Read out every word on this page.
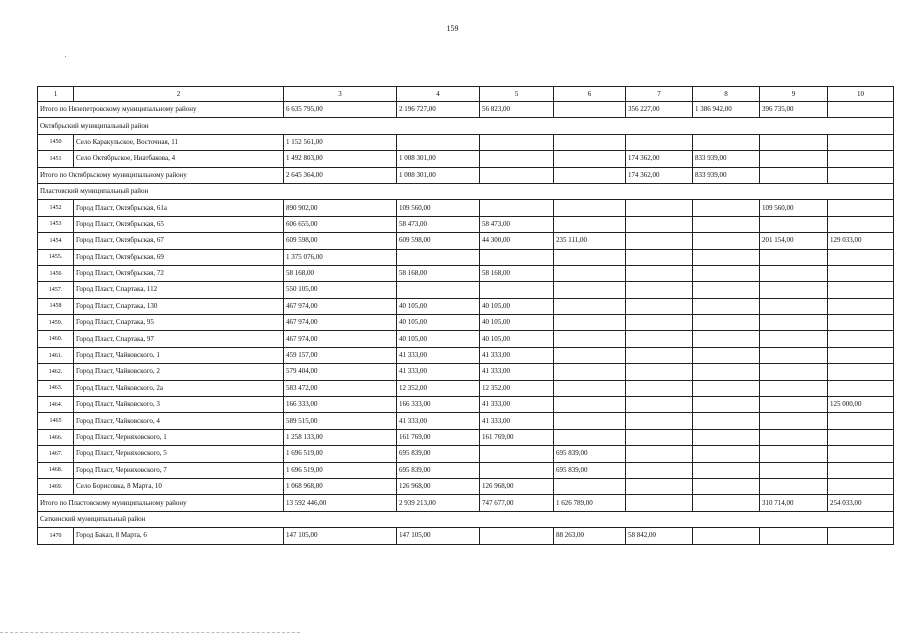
159
1	2	3	4	5	6	7	8	9	10
Итого по Нязепетровскому муниципальному району		6 635 795,00	2 196 727,00	56 823,00		356 227,00	1 386 942,00	396 735,00	
Октябрьский муниципальный район									
1450	Село Каракульское, Восточная, 11	1 152 561,00							
1451	Село Октябрьское, Ниатбакова, 4	1 492 803,00	1 008 301,00			174 362,00	833 939,00		
Итого по Октябрьскому муниципальному району		2 645 364,00	1 008 301,00			174 362,00	833 939,00		
Пластовский муниципальный район									
1452	Город Пласт, Октябрьская, 61а	890 902,00	109 560,00					109 560,00	
1453	Город Пласт, Октябрьская, 65	606 655,00	58 473,00	58 473,00					
1454	Город Пласт, Октябрьская, 67	609 598,00	609 598,00	44 300,00	235 111,00			201 154,00	129 033,00
1455.	Город Пласт, Октябрьская, 69	1 375 076,00							
1456	Город Пласт, Октябрьская, 72	58 168,00	58 168,00	58 168,00					
1457.	Город Пласт, Спартака, 112	550 105,00							
1458	Город Пласт, Спартака, 130	467 974,00	40 105,00	40 105,00					
1459.	Город Пласт, Спартака, 95	467 974,00	40 105,00	40 105,00					
1460.	Город Пласт, Спартака, 97	467 974,00	40 105,00	40 105,00					
1461.	Город Пласт, Чайковского, 1	459 157,00	41 333,00	41 333,00					
1462.	Город Пласт, Чайковского, 2	579 404,00	41 333,00	41 333,00					
1463.	Город Пласт, Чайковского, 2а	583 472,00	12 352,00	12 352,00					
1464.	Город Пласт, Чайковского, 3	166 333,00	166 333,00	41 333,00					125 000,00
1465	Город Пласт, Чайковского, 4	589 515,00	41 333,00	41 333,00					
1466.	Город Пласт, Черняховского, 1	1 258 133,00	161 769,00	161 769,00					
1467.	Город Пласт, Черняховского, 5	1 696 519,00	695 839,00		695 839,00				
1468.	Город Пласт, Черняховского, 7	1 696 519,00	695 839,00		695 839,00				
1469.	Село Борисовка, 8 Марта, 10	1 068 968,00	126 968,00	126 968,00					
Итого по Пластовскому муниципальному району		13 592 446,00	2 939 213,00	747 677,00	1 626 789,00			310 714,00	254 033,00
Саткинский муниципальный район									
1470	Город Бакал, 8 Марта, 6	147 105,00	147 105,00		88 263,00	58 842,00			
